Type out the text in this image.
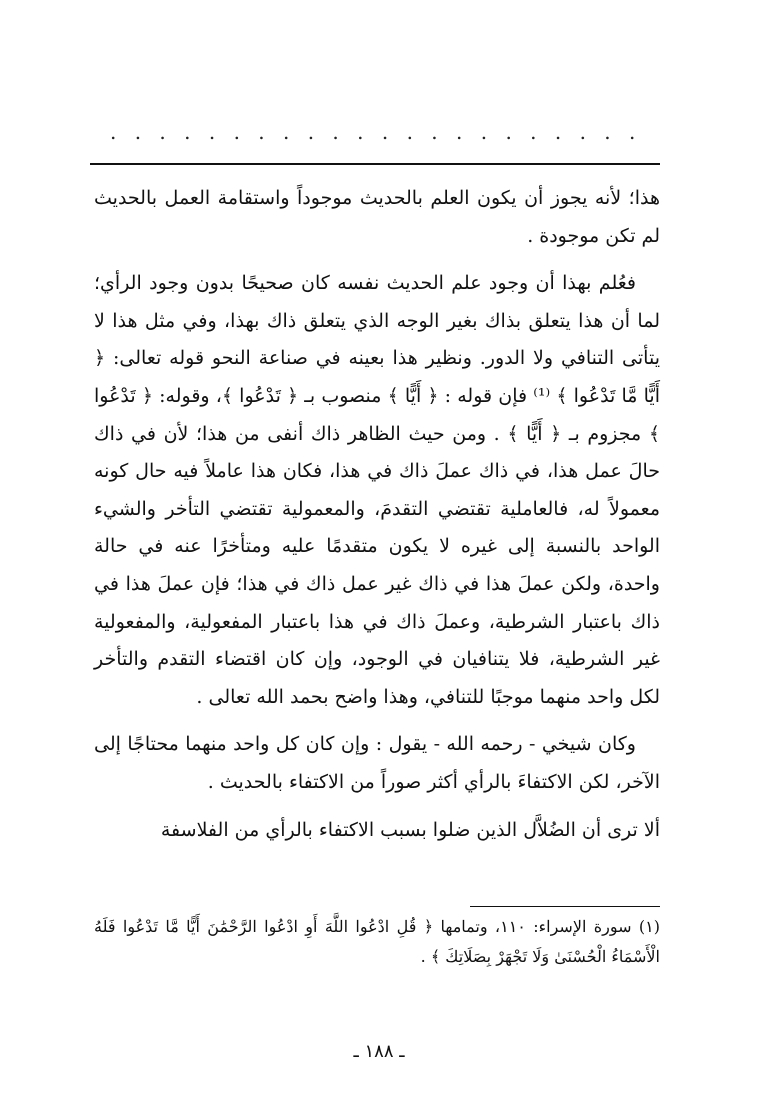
. . . . . . . . . . . . . . . . . . . . . .

هذا؛ لأنه يجوز أن يكون العلم بالحديث موجوداً واستقامة العمل بالحديث لم تكن موجودة .

فعُلم بهذا أن وجود علم الحديث نفسه كان صحيحًا بدون وجود الرأي؛ لما أن هذا يتعلق بذاك بغير الوجه الذي يتعلق ذاك بهذا، وفي مثل هذا لا يتأتى التنافي ولا الدور. ونظير هذا بعينه في صناعة النحو قوله تعالى: ﴿ أَيًّا مَّا تَدْعُوا ﴾ ⁽¹⁾ فإن قوله : ﴿ أَيًّا ﴾ منصوب بـ ﴿ تَدْعُوا ﴾، وقوله: ﴿ تَدْعُوا ﴾ مجزوم بـ ﴿ أَيًّا ﴾ . ومن حيث الظاهر ذاك أنفى من هذا؛ لأن في ذاك حالَ عمل هذا، في ذاك عملَ ذاك في هذا، فكان هذا عاملاً فيه حال كونه معمولاً له، فالعاملية تقتضي التقدمَ، والمعمولية تقتضي التأخر والشيء الواحد بالنسبة إلى غيره لا يكون متقدمًا عليه ومتأخرًا عنه في حالة واحدة، ولكن عملَ هذا في ذاك غير عمل ذاك في هذا؛ فإن عملَ هذا في ذاك باعتبار الشرطية، وعملَ ذاك في هذا باعتبار المفعولية، والمفعولية غير الشرطية، فلا يتنافيان في الوجود، وإن كان اقتضاء التقدم والتأخر لكل واحد منهما موجبًا للتنافي، وهذا واضح بحمد الله تعالى .

وكان شيخي - رحمه الله - يقول : وإن كان كل واحد منهما محتاجًا إلى الآخر، لكن الاكتفاءَ بالرأي أكثر صوراً من الاكتفاء بالحديث .

ألا ترى أن الضُلاَّل الذين ضلوا بسبب الاكتفاء بالرأي من الفلاسفة

(١) سورة الإسراء: ١١٠، وتمامها ﴿ قُلِ ادْعُوا اللَّهَ أَوِ ادْعُوا الرَّحْمَٰنَ أَيًّا مَّا تَدْعُوا فَلَهُ الْأَسْمَاءُ الْحُسْنَىٰ وَلَا تَجْهَرْ بِصَلَاتِكَ ﴾ .
ـ ١٨٨ ـ
